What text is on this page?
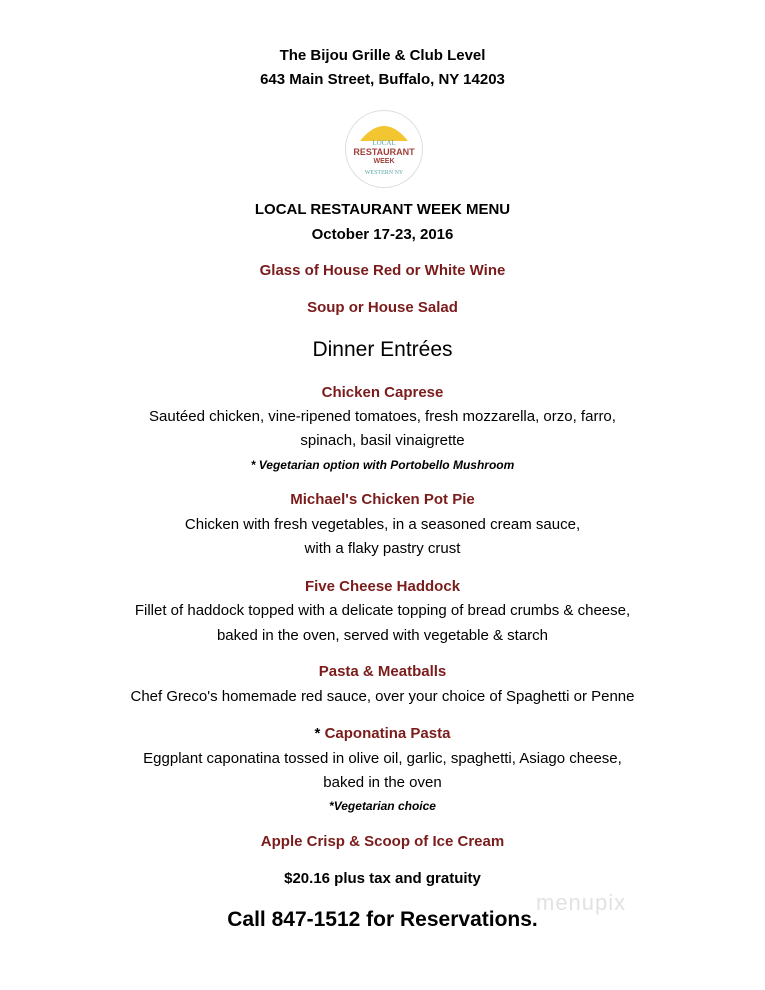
The Bijou Grille & Club Level
643 Main Street, Buffalo, NY 14203
LOCAL
RESTAURANT
WEEK
WESTERN NY
LOCAL RESTAURANT WEEK MENU
October 17-23, 2016
Glass of House Red or White Wine
Soup or House Salad
Dinner Entrées
Chicken Caprese
Sautéed chicken, vine-ripened tomatoes, fresh mozzarella, orzo, farro,
spinach, basil vinaigrette
* Vegetarian option with Portobello Mushroom
Michael's Chicken Pot Pie
Chicken with fresh vegetables, in a seasoned cream sauce,
with a flaky pastry crust
Five Cheese Haddock
Fillet of haddock topped with a delicate topping of bread crumbs & cheese,
baked in the oven, served with vegetable & starch
Pasta & Meatballs
Chef Greco's homemade red sauce, over your choice of Spaghetti or Penne
* Caponatina Pasta
Eggplant caponatina tossed in olive oil, garlic, spaghetti, Asiago cheese,
baked in the oven
*Vegetarian choice
Apple Crisp & Scoop of Ice Cream
$20.16 plus tax and gratuity
Call 847-1512 for Reservations.
menupix
